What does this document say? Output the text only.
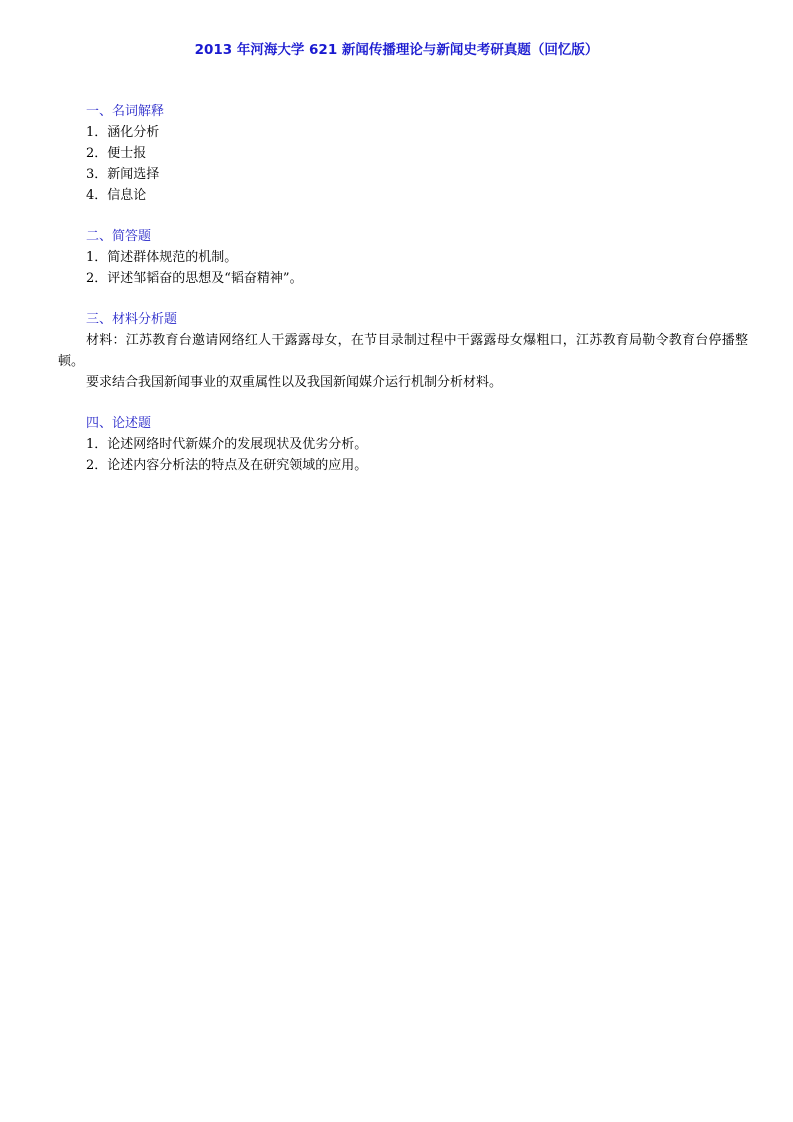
2013 年河海大学 621 新闻传播理论与新闻史考研真题（回忆版）
一、名词解释
1．涵化分析
2．便士报
3．新闻选择
4．信息论
二、简答题
1．简述群体规范的机制。
2．评述邹韬奋的思想及“韬奋精神”。
三、材料分析题
材料：江苏教育台邀请网络红人干露露母女，在节目录制过程中干露露母女爆粗口，江苏教育局勒令教育台停播整顿。
要求结合我国新闻事业的双重属性以及我国新闻媒介运行机制分析材料。
四、论述题
1．论述网络时代新媒介的发展现状及优劣分析。
2．论述内容分析法的特点及在研究领域的应用。
